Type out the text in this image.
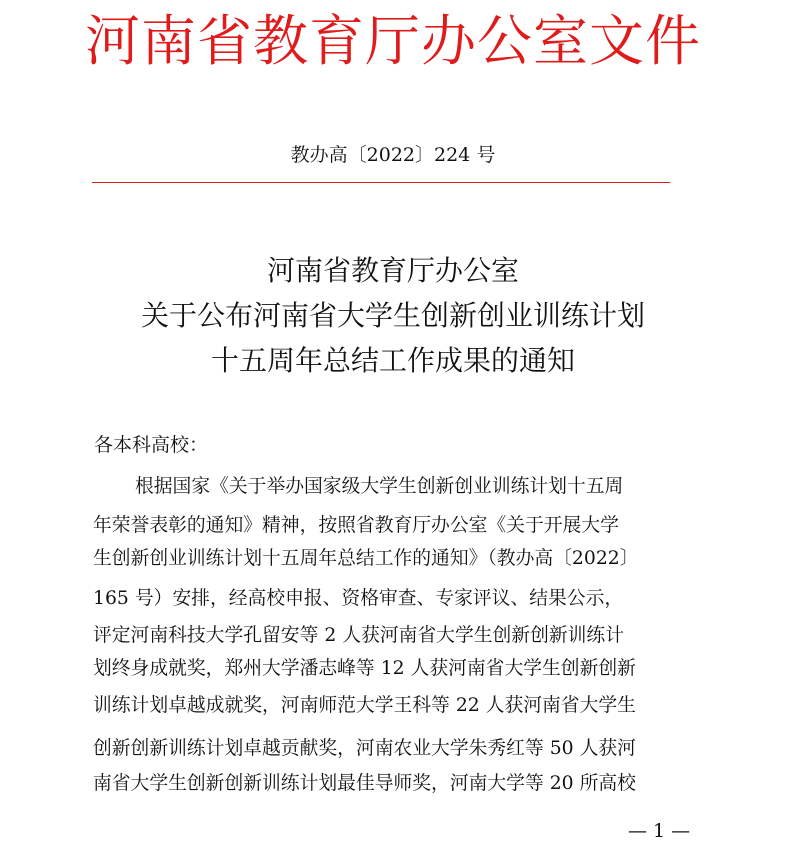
河南省教育厅办公室文件
教办高〔2022〕224 号
河南省教育厅办公室
关于公布河南省大学生创新创业训练计划
十五周年总结工作成果的通知
各本科高校：
根据国家《关于举办国家级大学生创新创业训练计划十五周
年荣誉表彰的通知》精神，按照省教育厅办公室《关于开展大学
生创新创业训练计划十五周年总结工作的通知》（教办高〔2022〕
165 号）安排，经高校申报、资格审查、专家评议、结果公示，
评定河南科技大学孔留安等 2 人获河南省大学生创新创新训练计
划终身成就奖，郑州大学潘志峰等 12 人获河南省大学生创新创新
训练计划卓越成就奖，河南师范大学王科等 22 人获河南省大学生
创新创新训练计划卓越贡献奖，河南农业大学朱秀红等 50 人获河
南省大学生创新创新训练计划最佳导师奖，河南大学等 20 所高校
— 1 —
